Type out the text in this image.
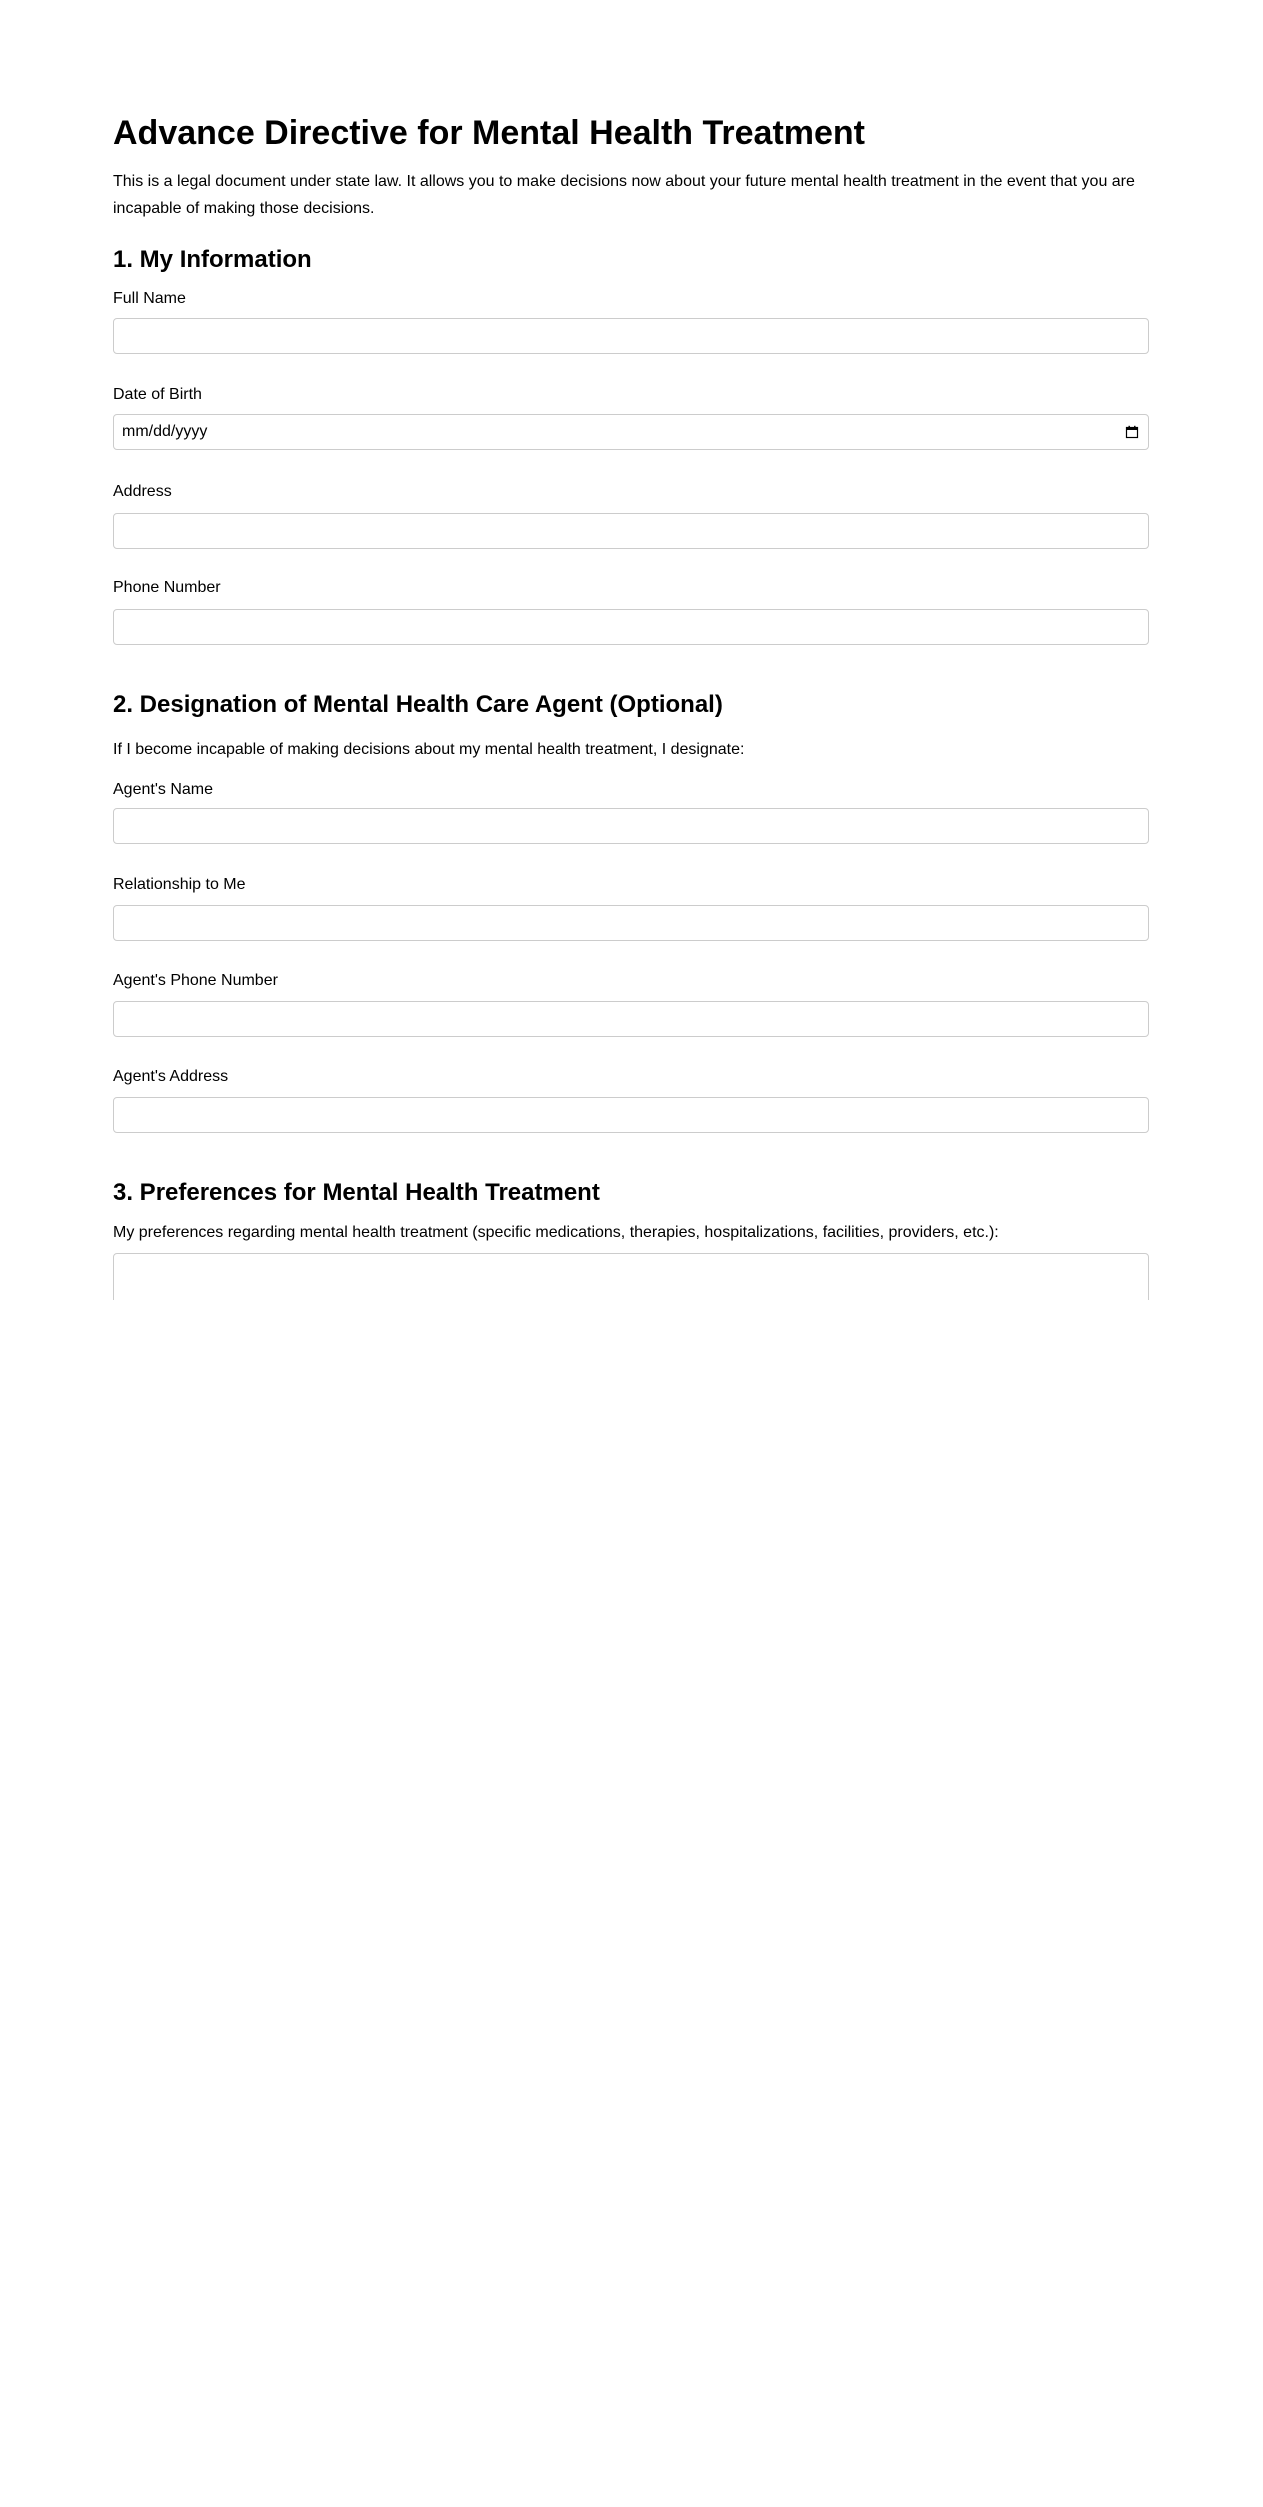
Advance Directive for Mental Health Treatment

This is a legal document under state law. It allows you to make decisions now about your future mental health treatment in the event that you are incapable of making those decisions.

1. My Information
Full Name
Date of Birth
mm/dd/yyyy
Address
Phone Number
2. Designation of Mental Health Care Agent (Optional)

If I become incapable of making decisions about my mental health treatment, I designate:

Agent's Name
Relationship to Me
Agent's Phone Number
Agent's Address
3. Preferences for Mental Health Treatment

My preferences regarding mental health treatment (specific medications, therapies, hospitalizations, facilities, providers, etc.):
